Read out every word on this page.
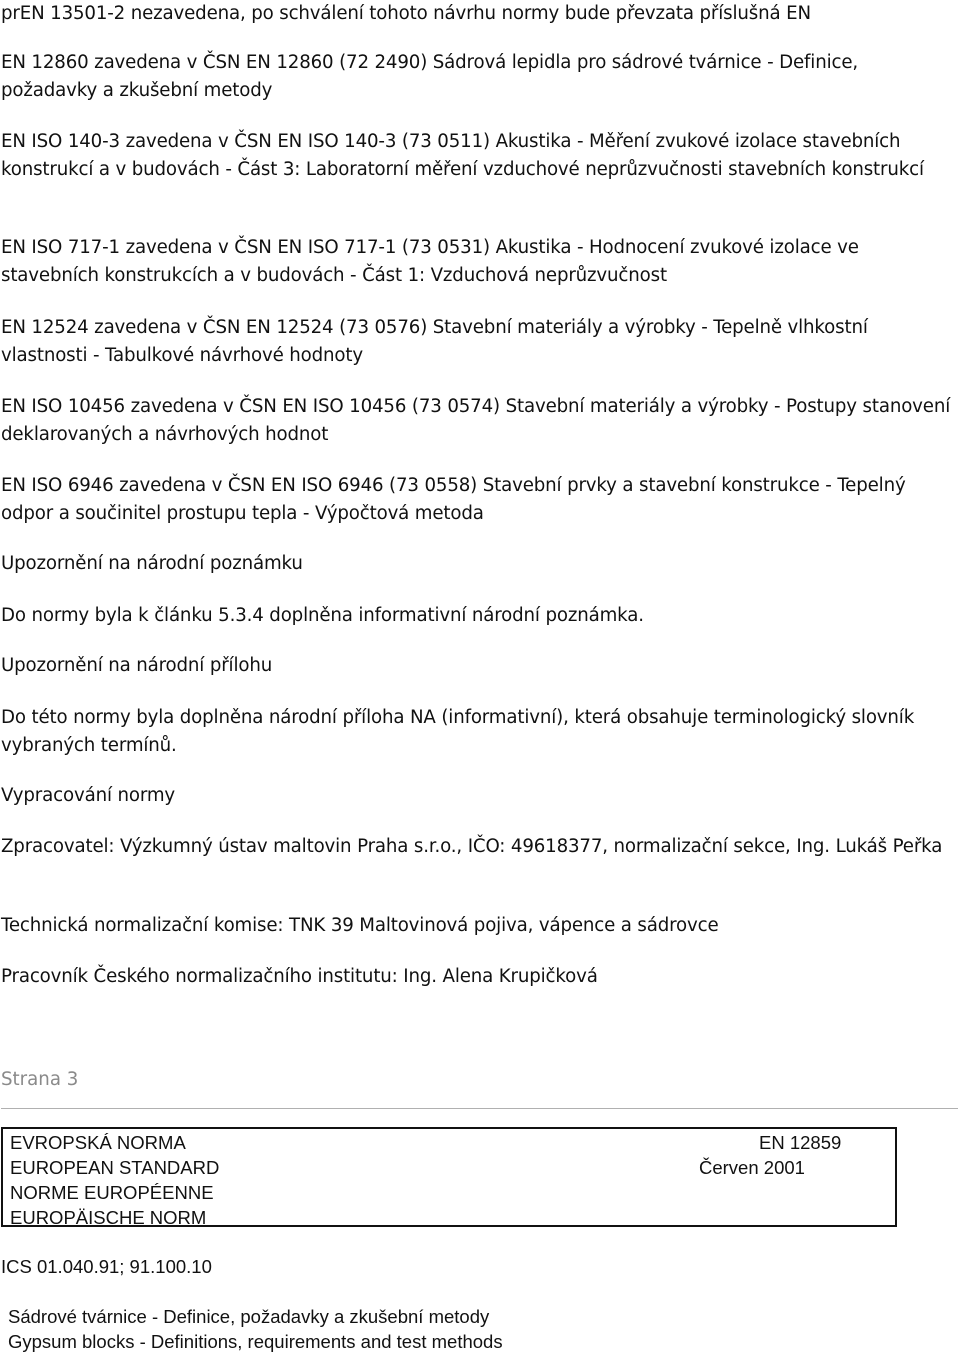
prEN 13501-2 nezavedena, po schválení tohoto návrhu normy bude převzata příslušná EN

EN 12860 zavedena v ČSN EN 12860 (72 2490) Sádrová lepidla pro sádrové tvárnice - Definice, požadavky a zkušební metody

EN ISO 140-3 zavedena v ČSN EN ISO 140-3 (73 0511) Akustika - Měření zvukové izolace stavebních konstrukcí a v budovách - Část 3: Laboratorní měření vzduchové neprůzvučnosti stavebních konstrukcí

EN ISO 717-1 zavedena v ČSN EN ISO 717-1 (73 0531) Akustika - Hodnocení zvukové izolace ve stavebních konstrukcích a v budovách - Část 1: Vzduchová neprůzvučnost

EN 12524 zavedena v ČSN EN 12524 (73 0576) Stavební materiály a výrobky - Tepelně vlhkostní vlastnosti - Tabulkové návrhové hodnoty

EN ISO 10456 zavedena v ČSN EN ISO 10456 (73 0574) Stavební materiály a výrobky - Postupy stanovení deklarovaných a návrhových hodnot

EN ISO 6946 zavedena v ČSN EN ISO 6946 (73 0558) Stavební prvky a stavební konstrukce - Tepelný odpor a součinitel prostupu tepla - Výpočtová metoda

Upozornění na národní poznámku

Do normy byla k článku 5.3.4 doplněna informativní národní poznámka.

Upozornění na národní přílohu

Do této normy byla doplněna národní příloha NA (informativní), která obsahuje terminologický slovník vybraných termínů.

Vypracování normy

Zpracovatel: Výzkumný ústav maltovin Praha s.r.o., IČO: 49618377, normalizační sekce, Ing. Lukáš Peřka

Technická normalizační komise: TNK 39 Maltovinová pojiva, vápence a sádrovce

Pracovník Českého normalizačního institutu: Ing. Alena Krupičková

Strana 3

EVROPSKÁ NORMA

EUROPEAN STANDARD

NORME EUROPÉENNE

EUROPÄISCHE NORM

EN 12859

Červen 2001

ICS 01.040.91; 91.100.10

Sádrové tvárnice - Definice, požadavky a zkušební metody

Gypsum blocks - Definitions, requirements and test methods
